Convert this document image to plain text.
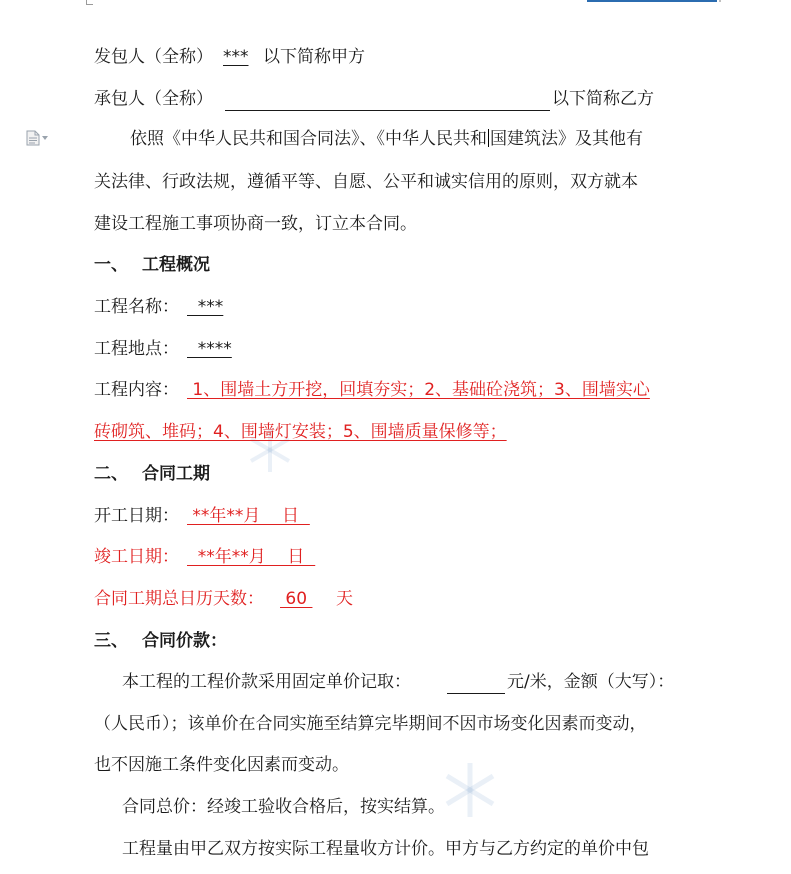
发包人（全称） *** 以下简称甲方
承包人（全称）	以下简称乙方
依照《中华人民共和国合同法》、《中华人民共和 国建筑法》及其他有
关法律、行政法规，遵循平等、自愿、公平和诚实信用的原则，双方就本
建设工程施工事项协商一致，订立本合同。
一、 工程概况
工程名称： ***
工程地点： ****
工程内容： 1、围墙土方开挖，回填夯实；2、基础砼浇筑；3、围墙实心
砖砌筑、堆码；4、围墙灯安装；5、围墙质量保修等；
二、 合同工期
开工日期： **年**月    日
竣工日期： **年**月    日
合同工期总日历天数： 60 天
三、 合同价款：
本工程的工程价款采用固定单价记取：	元/米，金额（大写）：
（人民币）；该单价在合同实施至结算完毕期间不因市场变化因素而变动，
也不因施工条件变化因素而变动。
合同总价：经竣工验收合格后，按实结算。
工程量由甲乙双方按实际工程量收方计价。甲方与乙方约定的单价中包
